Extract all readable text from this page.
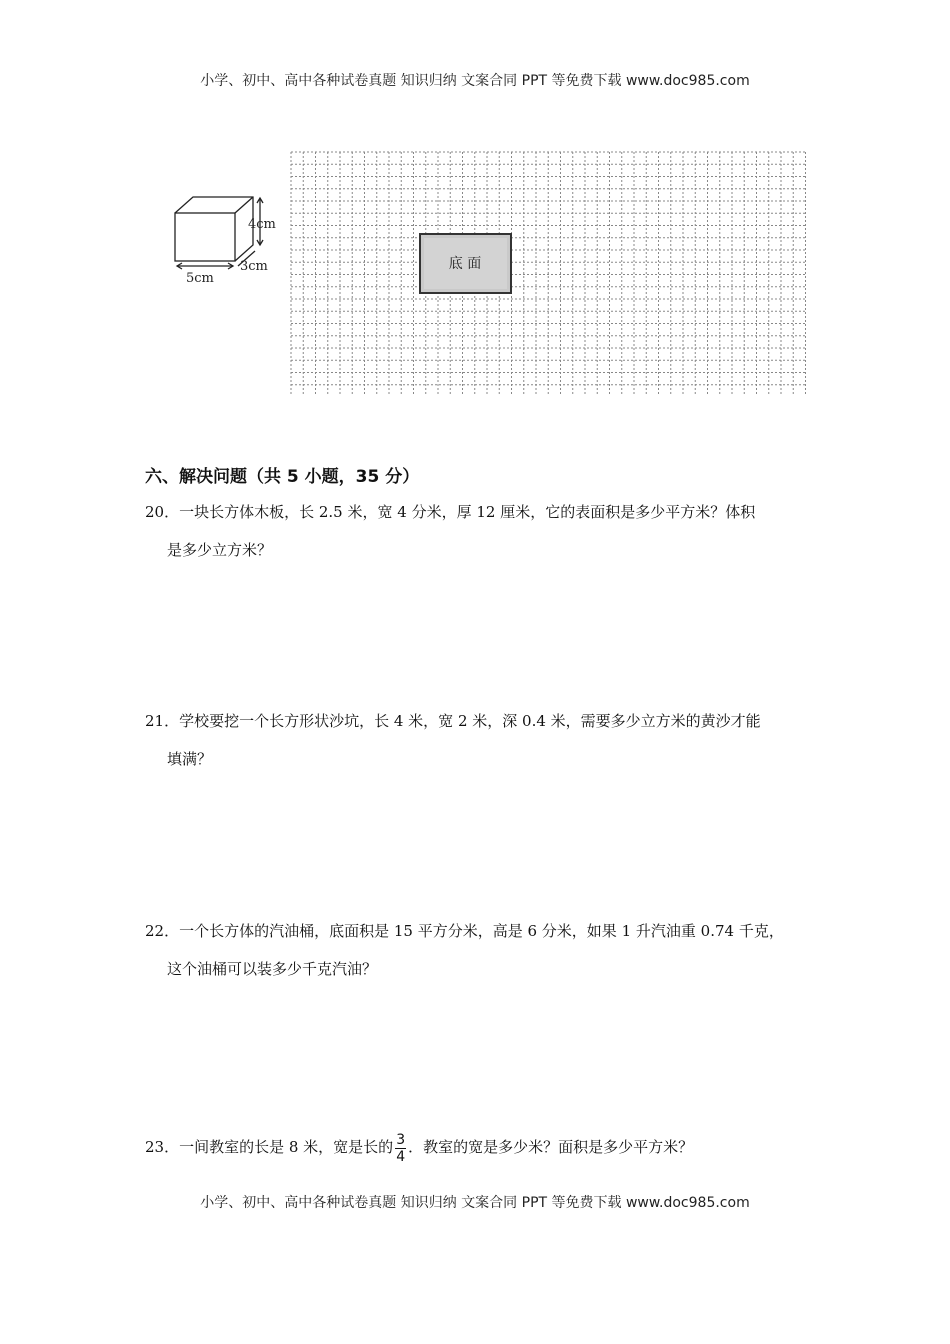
小学、初中、高中各种试卷真题 知识归纳 文案合同 PPT 等免费下载 www.doc985.com
4cm
5cm
3cm	底 面
六、解决问题（共 5 小题，35 分）
20．一块长方体木板，长 2.5 米，宽 4 分米，厚 12 厘米，它的表面积是多少平方米？体积
是多少立方米？
21．学校要挖一个长方形状沙坑，长 4 米，宽 2 米，深 0.4 米，需要多少立方米的黄沙才能
填满？
22．一个长方体的汽油桶，底面积是 15 平方分米，高是 6 分米，如果 1 升汽油重 0.74 千克，
这个油桶可以装多少千克汽油？
23．一间教室的长是 8 米，宽是长的 $\frac{3}{4}$ ．教室的宽是多少米？面积是多少平方米？
小学、初中、高中各种试卷真题 知识归纳 文案合同 PPT 等免费下载 www.doc985.com
